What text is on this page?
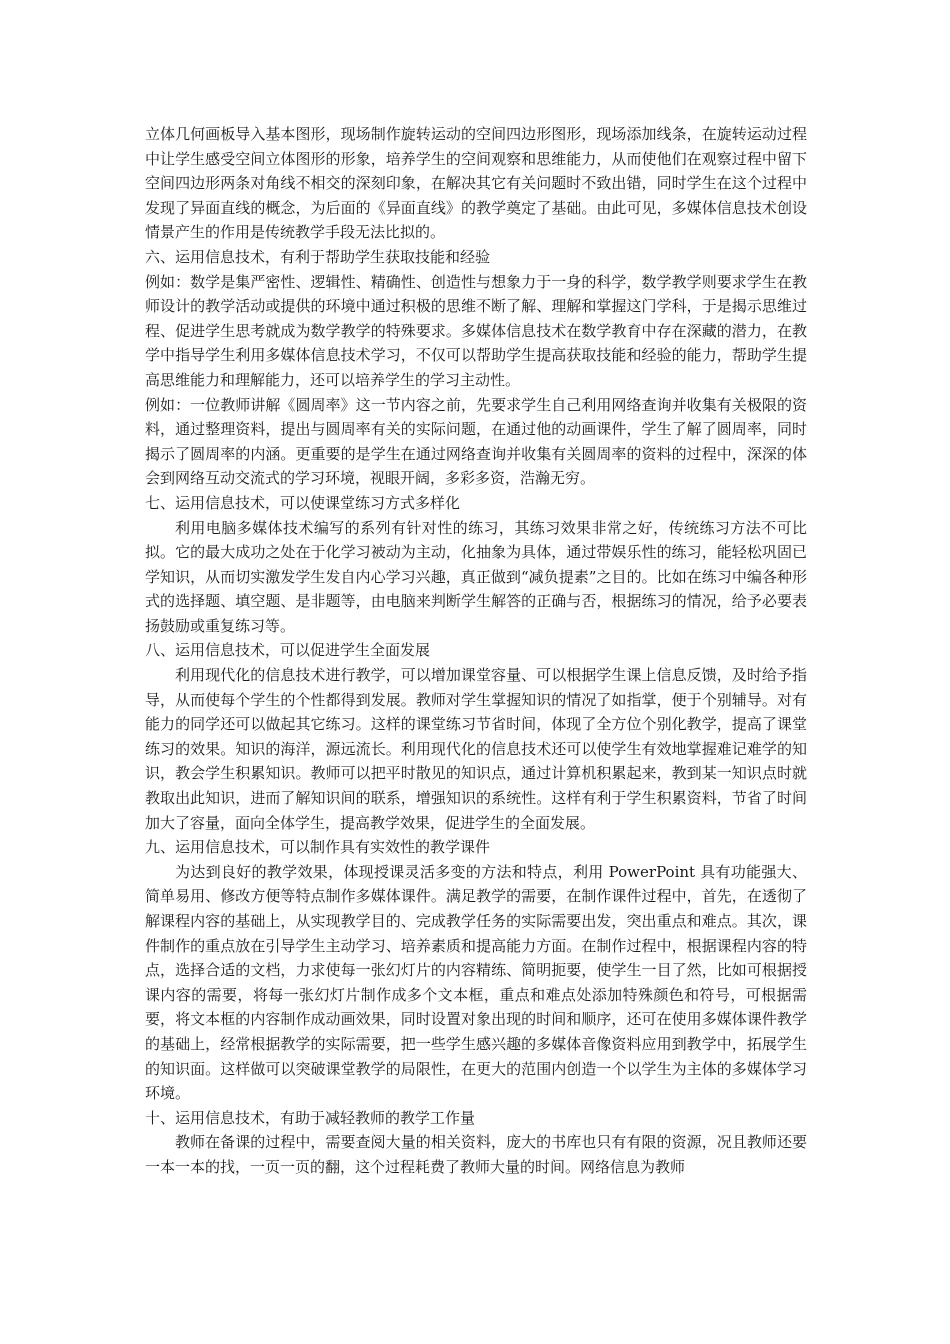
立体几何画板导入基本图形，现场制作旋转运动的空间四边形图形，现场添加线条，在旋转运动过程中让学生感受空间立体图形的形象，培养学生的空间观察和思维能力，从而使他们在观察过程中留下空间四边形两条对角线不相交的深刻印象，在解决其它有关问题时不致出错，同时学生在这个过程中发现了异面直线的概念，为后面的《异面直线》的教学奠定了基础。由此可见，多媒体信息技术创设情景产生的作用是传统教学手段无法比拟的。

六、运用信息技术，有利于帮助学生获取技能和经验

例如：数学是集严密性、逻辑性、精确性、创造性与想象力于一身的科学，数学教学则要求学生在教师设计的教学活动或提供的环境中通过积极的思维不断了解、理解和掌握这门学科，于是揭示思维过程、促进学生思考就成为数学教学的特殊要求。多媒体信息技术在数学教育中存在深藏的潜力，在教学中指导学生利用多媒体信息技术学习，不仅可以帮助学生提高获取技能和经验的能力，帮助学生提高思维能力和理解能力，还可以培养学生的学习主动性。

例如：一位教师讲解《圆周率》这一节内容之前，先要求学生自己利用网络查询并收集有关极限的资料，通过整理资料，提出与圆周率有关的实际问题，在通过他的动画课件，学生了解了圆周率，同时揭示了圆周率的内涵。更重要的是学生在通过网络查询并收集有关圆周率的资料的过程中，深深的体会到网络互动交流式的学习环境，视眼开阔，多彩多资，浩瀚无穷。

七、运用信息技术，可以使课堂练习方式多样化

利用电脑多媒体技术编写的系列有针对性的练习，其练习效果非常之好，传统练习方法不可比拟。它的最大成功之处在于化学习被动为主动，化抽象为具体，通过带娱乐性的练习，能轻松巩固已学知识，从而切实激发学生发自内心学习兴趣，真正做到“减负提素”之目的。比如在练习中编各种形式的选择题、填空题、是非题等，由电脑来判断学生解答的正确与否，根据练习的情况，给予必要表扬鼓励或重复练习等。

八、运用信息技术，可以促进学生全面发展

利用现代化的信息技术进行教学，可以增加课堂容量、可以根据学生课上信息反馈，及时给予指导，从而使每个学生的个性都得到发展。教师对学生掌握知识的情况了如指掌，便于个别辅导。对有能力的同学还可以做起其它练习。这样的课堂练习节省时间，体现了全方位个别化教学，提高了课堂练习的效果。知识的海洋，源远流长。利用现代化的信息技术还可以使学生有效地掌握难记难学的知识，教会学生积累知识。教师可以把平时散见的知识点，通过计算机积累起来，教到某一知识点时就教取出此知识，进而了解知识间的联系，增强知识的系统性。这样有利于学生积累资料，节省了时间加大了容量，面向全体学生，提高教学效果，促进学生的全面发展。

九、运用信息技术，可以制作具有实效性的教学课件

为达到良好的教学效果，体现授课灵活多变的方法和特点，利用 PowerPoint 具有功能强大、简单易用、修改方便等特点制作多媒体课件。满足教学的需要，在制作课件过程中，首先，在透彻了解课程内容的基础上，从实现教学目的、完成教学任务的实际需要出发，突出重点和难点。其次，课件制作的重点放在引导学生主动学习、培养素质和提高能力方面。在制作过程中，根据课程内容的特点，选择合适的文档，力求使每一张幻灯片的内容精练、简明扼要，使学生一目了然，比如可根据授课内容的需要，将每一张幻灯片制作成多个文本框，重点和难点处添加特殊颜色和符号，可根据需要，将文本框的内容制作成动画效果，同时设置对象出现的时间和顺序，还可在使用多媒体课件教学的基础上，经常根据教学的实际需要，把一些学生感兴趣的多媒体音像资料应用到教学中，拓展学生的知识面。这样做可以突破课堂教学的局限性，在更大的范围内创造一个以学生为主体的多媒体学习环境。

十、运用信息技术，有助于减轻教师的教学工作量

教师在备课的过程中，需要查阅大量的相关资料，庞大的书库也只有有限的资源，况且教师还要一本一本的找，一页一页的翻，这个过程耗费了教师大量的时间。网络信息为教师
